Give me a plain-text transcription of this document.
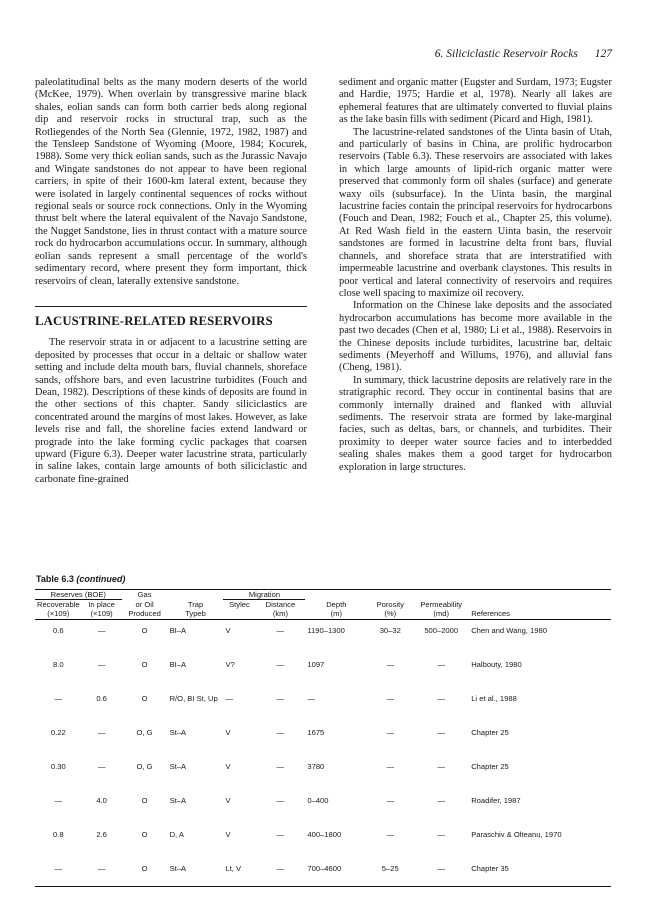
6. Siliciclastic Reservoir Rocks 127

paleolatitudinal belts as the many modern deserts of the world (McKee, 1979). When overlain by transgressive marine black shales, eolian sands can form both carrier beds along regional dip and reservoir rocks in structural trap, such as the Rotliegendes of the North Sea (Glennie, 1972, 1982, 1987) and the Tensleep Sandstone of Wyoming (Moore, 1984; Kocurek, 1988). Some very thick eolian sands, such as the Jurassic Navajo and Wingate sandstones do not appear to have been regional carriers, in spite of their 1600-km lateral extent, because they were isolated in largely continental sequences of rocks without regional seals or source rock connections. Only in the Wyoming thrust belt where the lateral equivalent of the Navajo Sandstone, the Nugget Sandstone, lies in thrust contact with a mature source rock do hydrocarbon accumulations occur. In summary, although eolian sands represent a small percentage of the world's sedimentary record, where present they form important, thick reservoirs of clean, laterally extensive sandstone.

LACUSTRINE-RELATED RESERVOIRS

The reservoir strata in or adjacent to a lacustrine setting are deposited by processes that occur in a deltaic or shallow water setting and include delta mouth bars, fluvial channels, shoreface sands, offshore bars, and even lacustrine turbidites (Fouch and Dean, 1982). Descriptions of these kinds of deposits are found in the other sections of this chapter. Sandy siliciclastics are concentrated around the margins of most lakes. However, as lake levels rise and fall, the shoreline facies extend landward or prograde into the lake forming cyclic packages that coarsen upward (Figure 6.3). Deeper water lacustrine strata, particularly in saline lakes, contain large amounts of both siliciclastic and carbonate fine-grained

sediment and organic matter (Eugster and Surdam, 1973; Eugster and Hardie, 1975; Hardie et al, 1978). Nearly all lakes are ephemeral features that are ultimately converted to fluvial plains as the lake basin fills with sediment (Picard and High, 1981).

The lacustrine-related sandstones of the Uinta basin of Utah, and particularly of basins in China, are prolific hydrocarbon reservoirs (Table 6.3). These reservoirs are associated with lakes in which large amounts of lipid-rich organic matter were preserved that commonly form oil shales (surface) and generate waxy oils (subsurface). In the Uinta basin, the marginal lacustrine facies contain the principal reservoirs for hydrocarbons (Fouch and Dean, 1982; Fouch et al., Chapter 25, this volume). At Red Wash field in the eastern Uinta basin, the reservoir sandstones are formed in lacustrine delta front bars, fluvial channels, and shoreface strata that are interstratified with impermeable lacustrine and overbank claystones. This results in poor vertical and lateral connectivity of reservoirs and requires close well spacing to maximize oil recovery.

Information on the Chinese lake deposits and the associated hydrocarbon accumulations has become more available in the past two decades (Chen et al, 1980; Li et al., 1988). Reservoirs in the Chinese deposits include turbidites, lacustrine bar, deltaic sediments (Meyerhoff and Willums, 1976), and alluvial fans (Cheng, 1981).

In summary, thick lacustrine deposits are relatively rare in the stratigraphic record. They occur in continental basins that are commonly internally drained and flanked with alluvial sediments. The reservoir strata are formed by lake-marginal facies, such as deltas, bars, or channels, and turbidites. Their proximity to deeper water source facies and to interbedded sealing shales makes them a good target for hydrocarbon exploration in large structures.

Table 6.3 (continued)
Reserves (BOE)		Gas		Migration					
Recoverable	In place	or Oil	Trap	Stylec	Distance	Depth	Porosity	Permeability	
(×109)	(×109)	Produced	Typeb		(km)	(m)	(%)	(md)	References
0.6	—	O	BI–A	V	—	1190–1300	30–32	500–2000	Chen and Wang, 1980
8.0	—	O	BI–A	V?	—	1097	—	—	Halbouty, 1980
—	0.6	O	R/O, BI St, Up	—	—	—	—	—	Li et al., 1988
0.22	—	O, G	St–A	V	—	1675	—	—	Chapter 25
0.30	—	O, G	St–A	V	—	3780	—	—	Chapter 25
—	4.0	O	St–A	V	—	0–400	—	—	Roadifer, 1987
0.8	2.6	O	D, A	V	—	400–1800	—	—	Paraschiv & Olteanu, 1970
—	—	O	St–A	Lt, V	—	700–4600	5–25	—	Chapter 35
